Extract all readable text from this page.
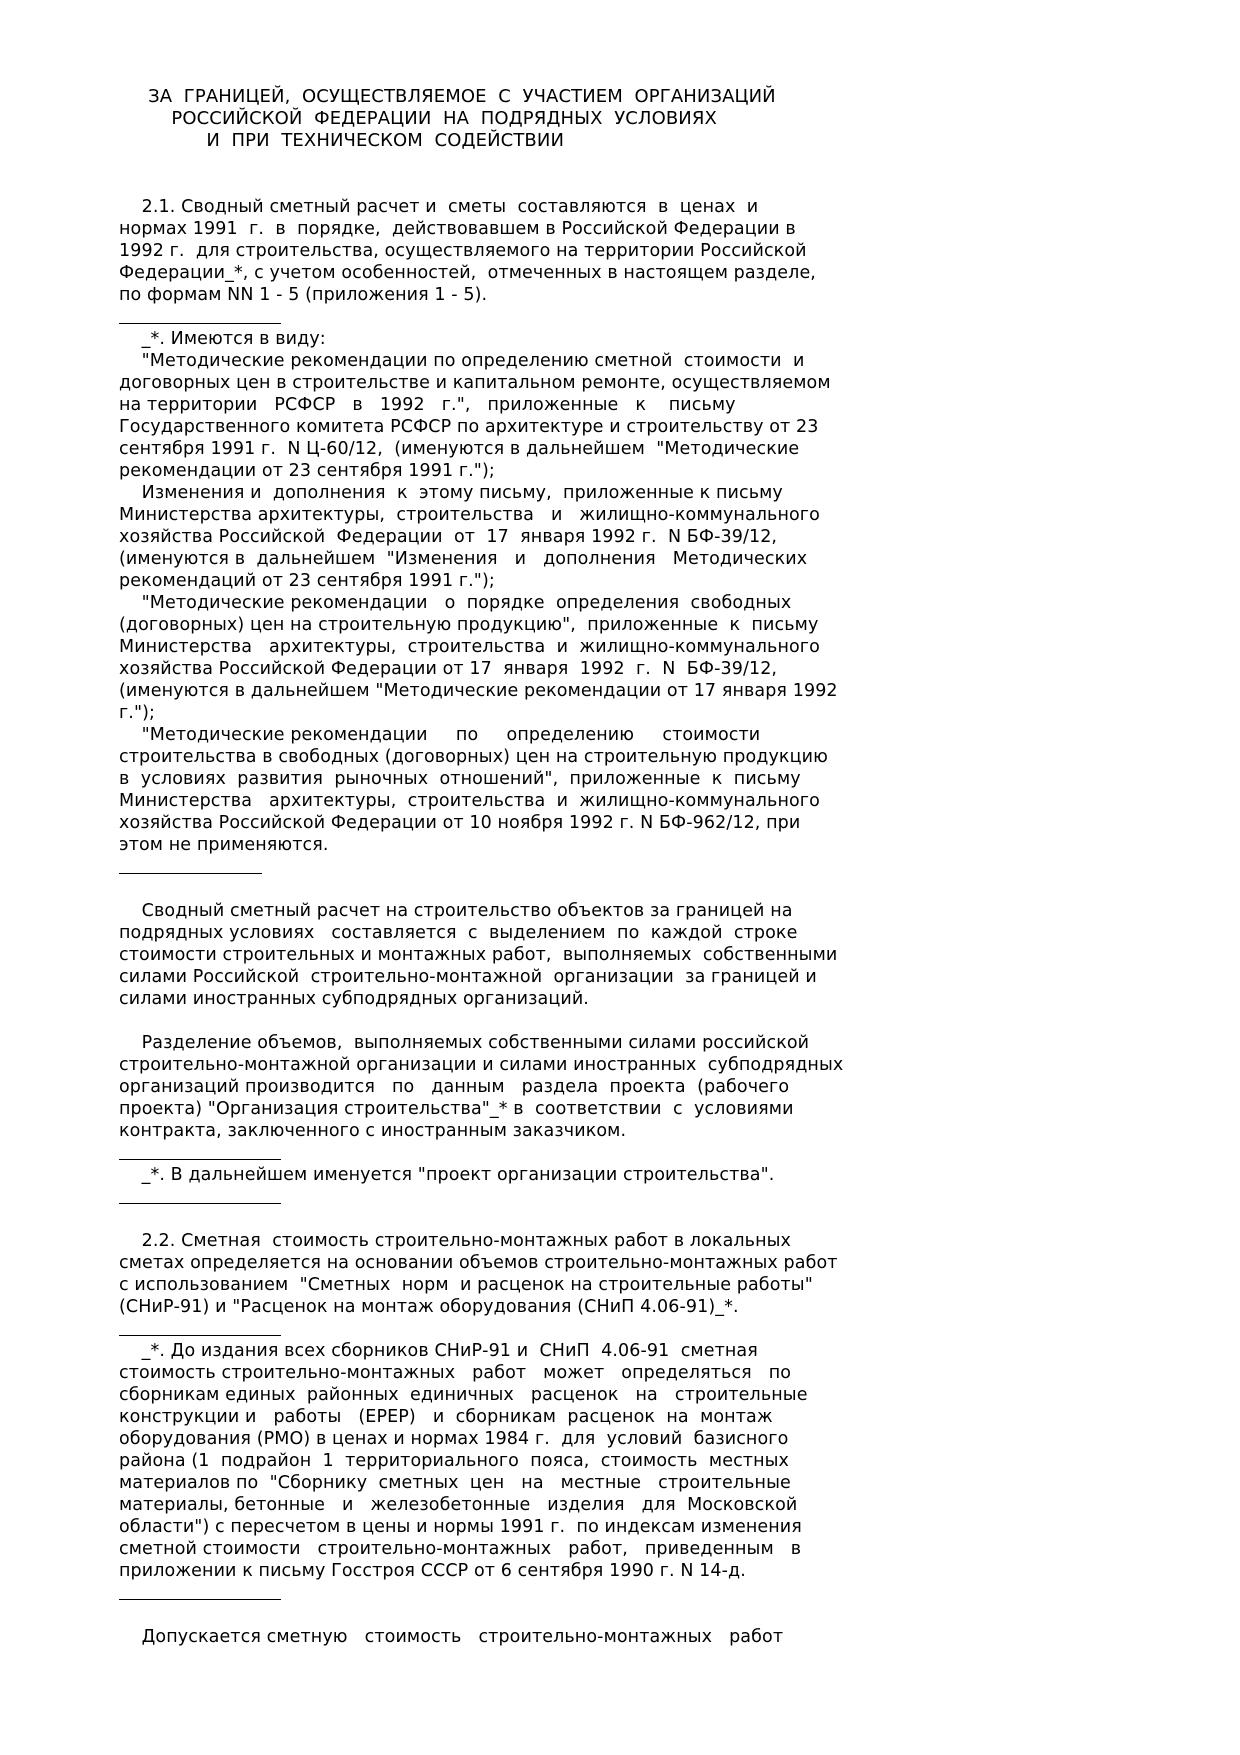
ЗА  ГРАНИЦЕЙ,  ОСУЩЕСТВЛЯЕМОЕ  С  УЧАСТИЕМ  ОРГАНИЗАЦИЙ
РОССИЙСКОЙ  ФЕДЕРАЦИИ  НА  ПОДРЯДНЫХ  УСЛОВИЯХ
И  ПРИ  ТЕХНИЧЕСКОМ  СОДЕЙСТВИИ
2.1. Сводный сметный расчет и  сметы  составляются  в  ценах  и
нормах 1991  г.  в  порядке,  действовавшем в Российской Федерации в
1992 г.  для строительства, осуществляемого на территории Российской
Федерации_*, с учетом особенностей,  отмеченных в настоящем разделе,
по формам NN 1 - 5 (приложения 1 - 5).
_*. Имеются в виду:
"Методические рекомендации по определению сметной  стоимости  и
договорных цен в строительстве и капитальном ремонте, осуществляемом
на территории   РСФСР   в   1992   г.",   приложенные   к    письму
Государственного комитета РСФСР по архитектуре и строительству от 23
сентября 1991 г.  N Ц-60/12,  (именуются в дальнейшем  "Методические
рекомендации от 23 сентября 1991 г.");
Изменения и  дополнения  к  этому письму,  приложенные к письму
Министерства архитектуры,  строительства   и   жилищно-коммунального
хозяйства Российской  Федерации  от  17  января 1992 г.  N БФ-39/12,
(именуются в  дальнейшем  "Изменения   и   дополнения   Методических
рекомендаций от 23 сентября 1991 г.");
"Методические рекомендации   о  порядке  определения  свободных
(договорных) цен на строительную продукцию",  приложенные  к  письму
Министерства   архитектуры,  строительства  и  жилищно-коммунального
хозяйства Российской Федерации от 17  января  1992  г.  N  БФ-39/12,
(именуются в дальнейшем "Методические рекомендации от 17 января 1992
г.");
"Методические рекомендации     по     определению     стоимости
строительства в свободных (договорных) цен на строительную продукцию
в  условиях  развития  рыночных  отношений",  приложенные  к  письму
Министерства   архитектуры,  строительства  и  жилищно-коммунального
хозяйства Российской Федерации от 10 ноября 1992 г. N БФ-962/12, при
этом не применяются.
Сводный сметный расчет на строительство объектов за границей на
подрядных условиях   составляется  с  выделением  по  каждой  строке
стоимости строительных и монтажных работ,  выполняемых  собственными
силами Российской  строительно-монтажной  организации  за границей и
силами иностранных субподрядных организаций.
Разделение объемов,  выполняемых собственными силами российской
строительно-монтажной организации и силами иностранных  субподрядных
организаций производится   по   данным   раздела  проекта  (рабочего
проекта) "Организация строительства"_* в  соответствии  с  условиями
контракта, заключенного с иностранным заказчиком.
_*. В дальнейшем именуется "проект организации строительства".
2.2. Сметная  стоимость строительно-монтажных работ в локальных
сметах определяется на основании объемов строительно-монтажных работ
с использованием  "Сметных  норм  и расценок на строительные работы"
(СНиР-91) и "Расценок на монтаж оборудования (СНиП 4.06-91)_*.
_*. До издания всех сборников СНиР-91 и  СНиП  4.06-91  сметная
стоимость строительно-монтажных   работ   может   определяться   по
сборникам единых  районных  единичных   расценок   на   строительные
конструкции и   работы   (ЕРЕР)   и  сборникам  расценок  на  монтаж
оборудования (РМО) в ценах и нормах 1984 г.  для  условий  базисного
района (1  подрайон  1  территориального  пояса,  стоимость  местных
материалов по  "Сборнику  сметных  цен   на   местные   строительные
материалы, бетонные   и   железобетонные   изделия   для  Московской
области") с пересчетом в цены и нормы 1991 г.  по индексам изменения
сметной стоимости   строительно-монтажных   работ,   приведенным   в
приложении к письму Госстроя СССР от 6 сентября 1990 г. N 14-д.
Допускается сметную   стоимость   строительно-монтажных   работ
